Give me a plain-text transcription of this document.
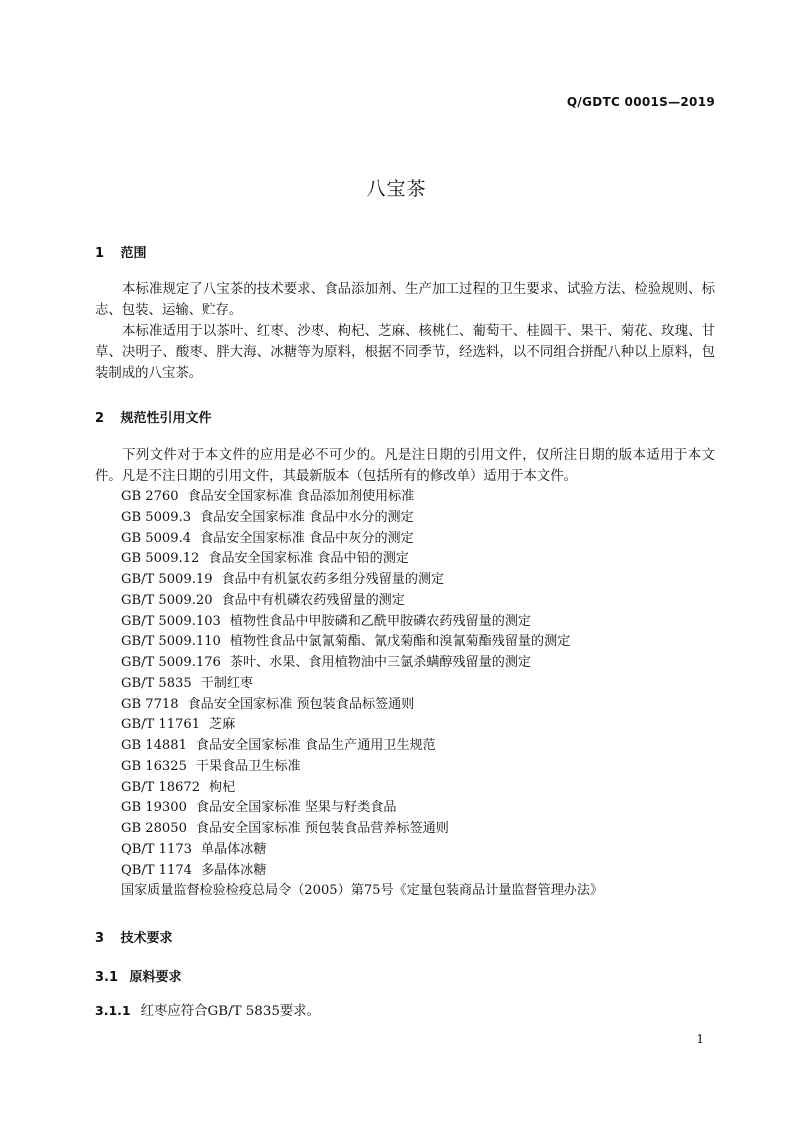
Q/GDTC 0001S—2019
八宝茶
1 范围

本标准规定了八宝茶的技术要求、食品添加剂、生产加工过程的卫生要求、试验方法、检验规则、标志、包装、运输、贮存。

本标准适用于以茶叶、红枣、沙枣、枸杞、芝麻、核桃仁、葡萄干、桂圆干、果干、菊花、玫瑰、甘草、决明子、酸枣、胖大海、冰糖等为原料，根据不同季节，经选料，以不同组合拼配八种以上原料，包装制成的八宝茶。

2 规范性引用文件

下列文件对于本文件的应用是必不可少的。凡是注日期的引用文件，仅所注日期的版本适用于本文件。凡是不注日期的引用文件，其最新版本（包括所有的修改单）适用于本文件。

GB 2760 食品安全国家标准 食品添加剂使用标准
GB 5009.3 食品安全国家标准 食品中水分的测定
GB 5009.4 食品安全国家标准 食品中灰分的测定
GB 5009.12 食品安全国家标准 食品中铅的测定
GB/T 5009.19 食品中有机氯农药多组分残留量的测定
GB/T 5009.20 食品中有机磷农药残留量的测定
GB/T 5009.103 植物性食品中甲胺磷和乙酰甲胺磷农药残留量的测定
GB/T 5009.110 植物性食品中氯氰菊酯、氰戊菊酯和溴氰菊酯残留量的测定
GB/T 5009.176 茶叶、水果、食用植物油中三氯杀螨醇残留量的测定
GB/T 5835 干制红枣
GB 7718 食品安全国家标准 预包装食品标签通则
GB/T 11761 芝麻
GB 14881 食品安全国家标准 食品生产通用卫生规范
GB 16325 干果食品卫生标准
GB/T 18672 枸杞
GB 19300 食品安全国家标准 坚果与籽类食品
GB 28050 食品安全国家标准 预包装食品营养标签通则
QB/T 1173 单晶体冰糖
QB/T 1174 多晶体冰糖
国家质量监督检验检疫总局令（2005）第75号《定量包装商品计量监督管理办法》
3 技术要求
3.1 原料要求
3.1.1 红枣应符合GB/T 5835要求。
1
